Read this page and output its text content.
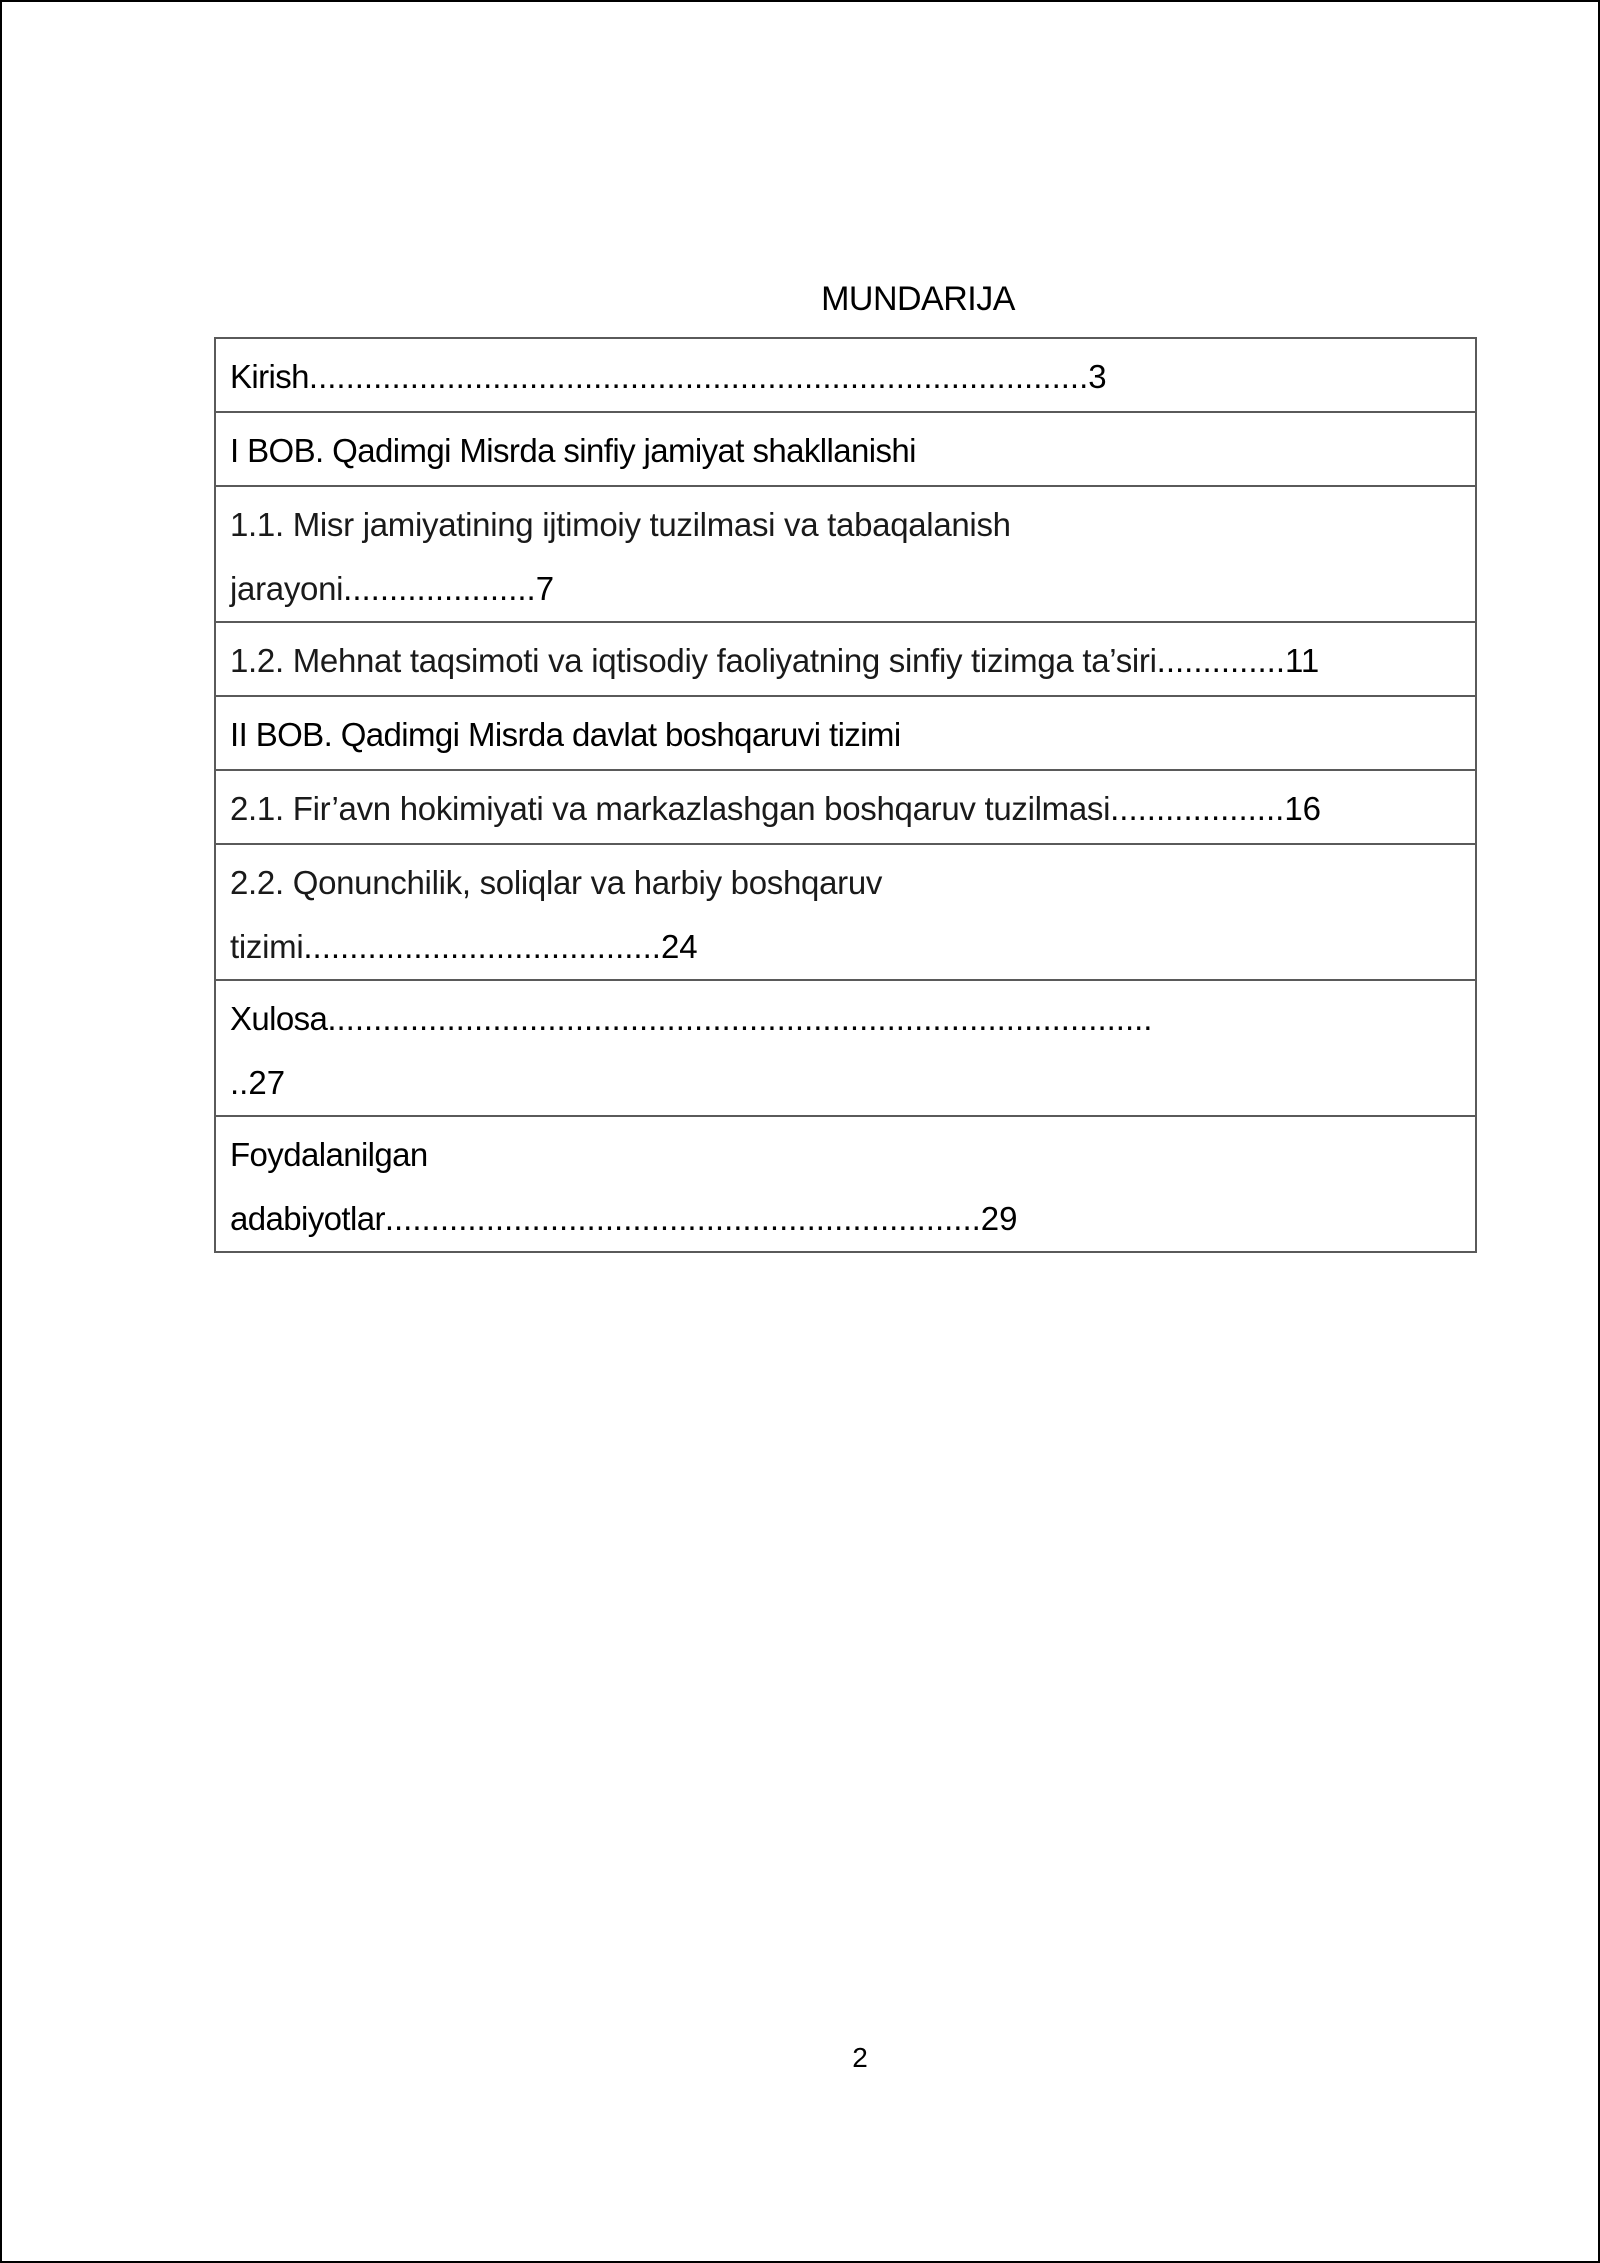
MUNDARIJA
Kirish.....................................................................................3
I BOB. Qadimgi Misrda sinfiy jamiyat shakllanishi

1.1. Misr jamiyatining ijtimoiy tuzilmasi va tabaqalanish
jarayoni.....................7
1.2. Mehnat taqsimoti va iqtisodiy faoliyatning sinfiy tizimga ta’siri..............11
II BOB. Qadimgi Misrda davlat boshqaruvi tizimi
2.1. Fir’avn hokimiyati va markazlashgan boshqaruv tuzilmasi...................16

2.2. Qonunchilik, soliqlar va harbiy boshqaruv
tizimi.......................................24
Xulosa..........................................................................................
..27

Foydalanilgan
adabiyotlar.................................................................29
2
